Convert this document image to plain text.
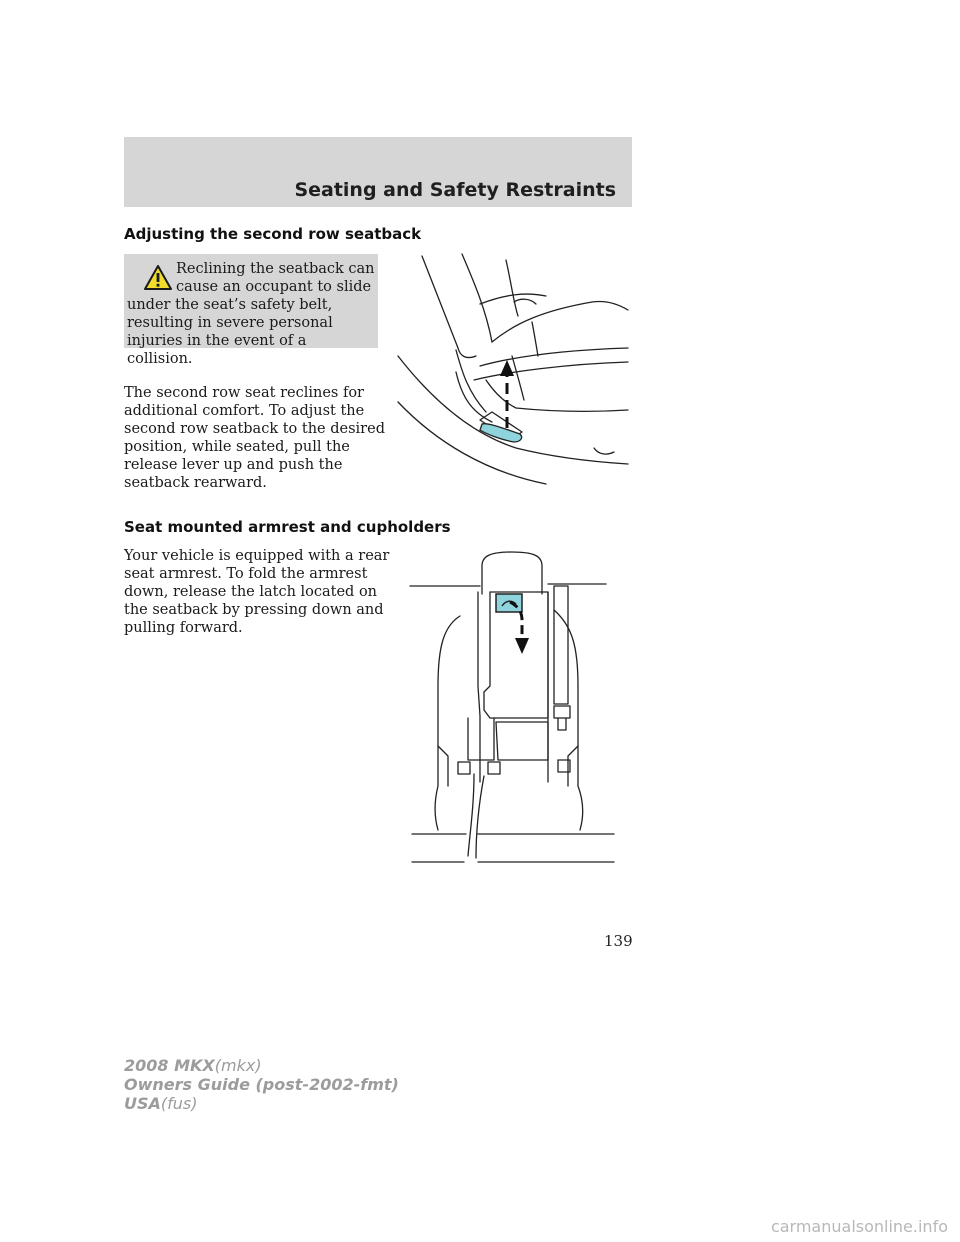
Seating and Safety Restraints
Adjusting the second row seatback
Reclining the seatback can
cause an occupant to slide
under the seat’s safety belt,
resulting in severe personal
injuries in the event of a collision.
The second row seat reclines for
additional comfort. To adjust the
second row seatback to the desired
position, while seated, pull the
release lever up and push the
seatback rearward.
Seat mounted armrest and cupholders
Your vehicle is equipped with a rear
seat armrest. To fold the armrest
down, release the latch located on
the seatback by pressing down and
pulling forward.
139
2008 MKX(mkx)
Owners Guide (post-2002-fmt)
USA(fus)
carmanualsonline.info
